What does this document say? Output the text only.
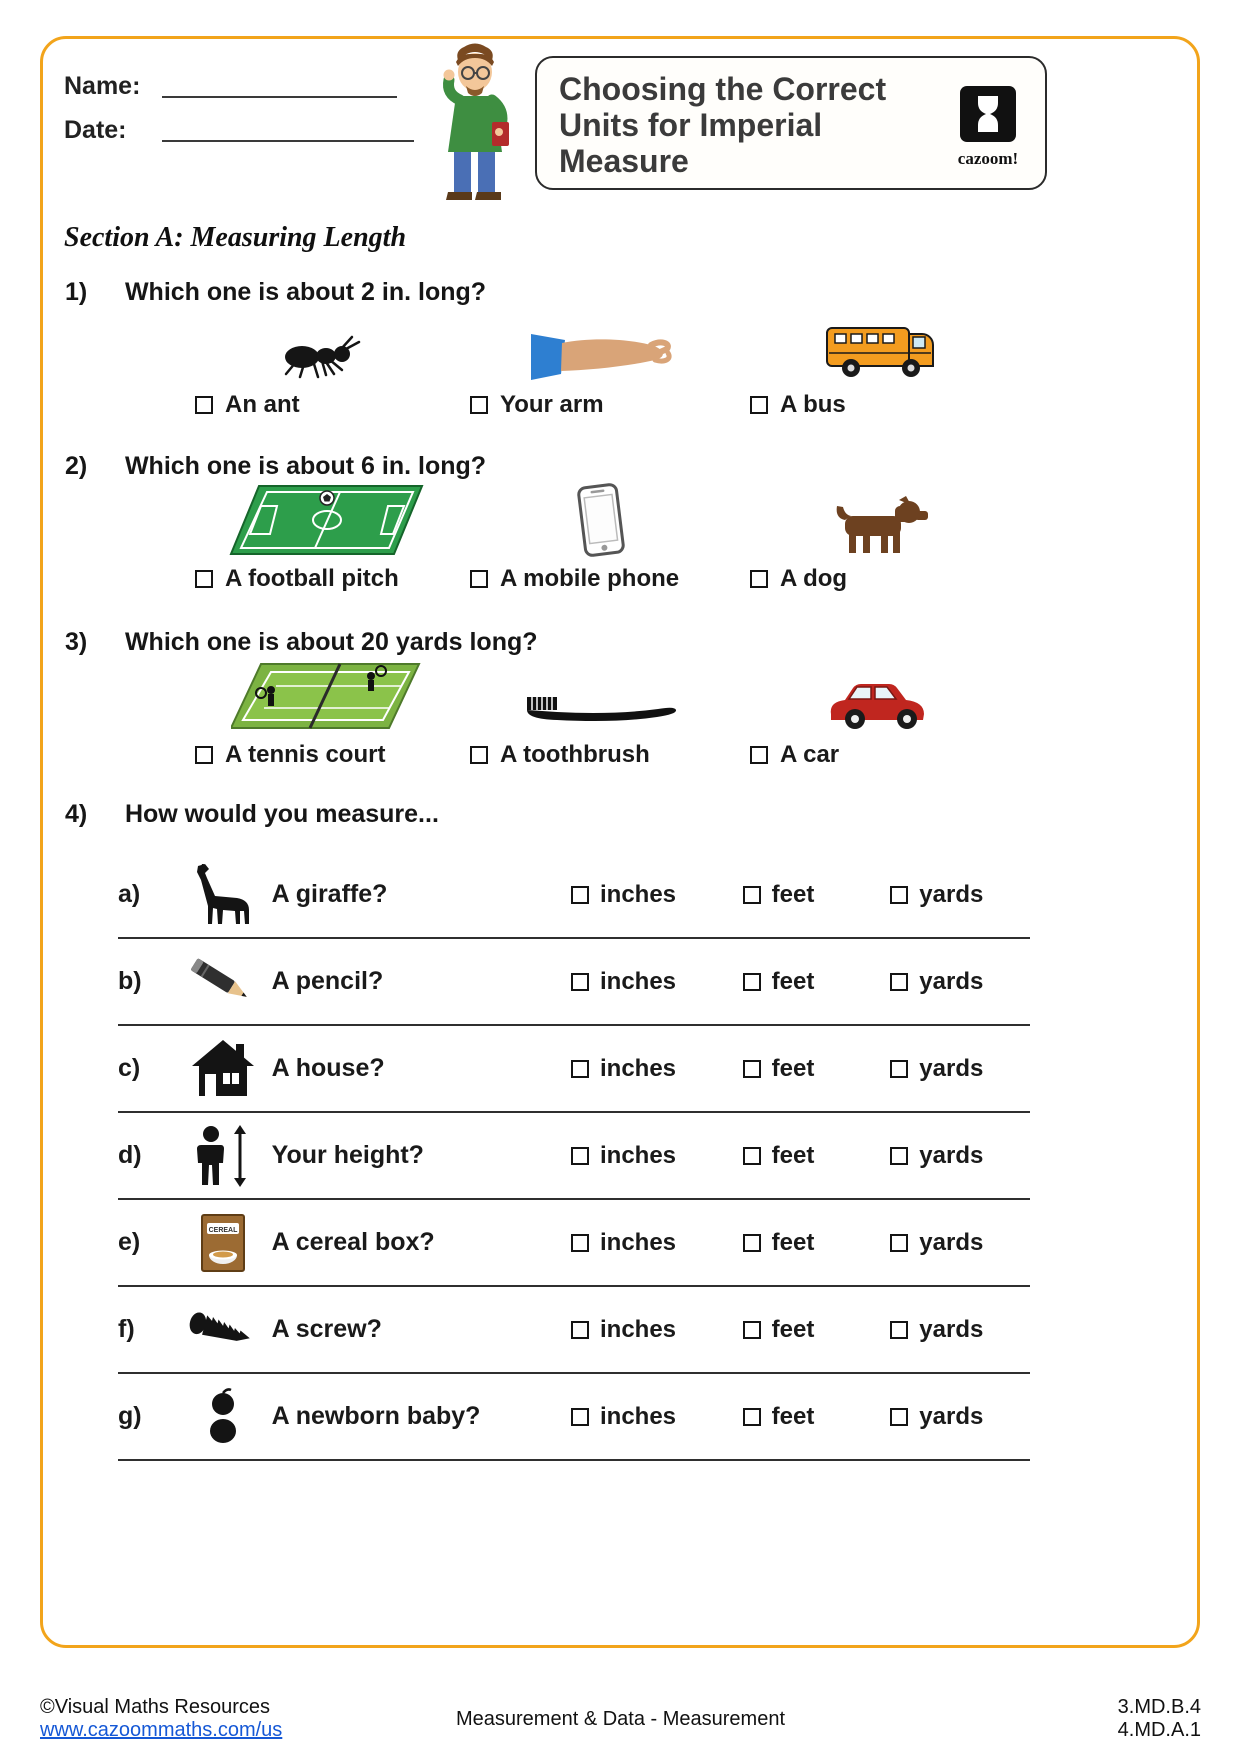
Name:
Date:
Choosing the Correct Units for Imperial Measure	cazoom!
Section A: Measuring Length
1) Which one is about 2 in. long?
An ant	Your arm	A bus
2) Which one is about 6 in. long?
A football pitch	A mobile phone	A dog
3) Which one is about 20 yards long?
A tennis court	A toothbrush	A car
4) How would you measure...
a)	A giraffe?	inches	feet	yards
b)	A pencil?	inches	feet	yards
c)	A house?	inches	feet	yards
d)	Your height?	inches	feet	yards
e)	CEREAL A cereal box?	inches	feet	yards
f)	A screw?	inches	feet	yards
g)	A newborn baby?	inches	feet	yards
©Visual Maths Resources
www.cazoommaths.com/us
Measurement & Data - Measurement
3.MD.B.4
4.MD.A.1
